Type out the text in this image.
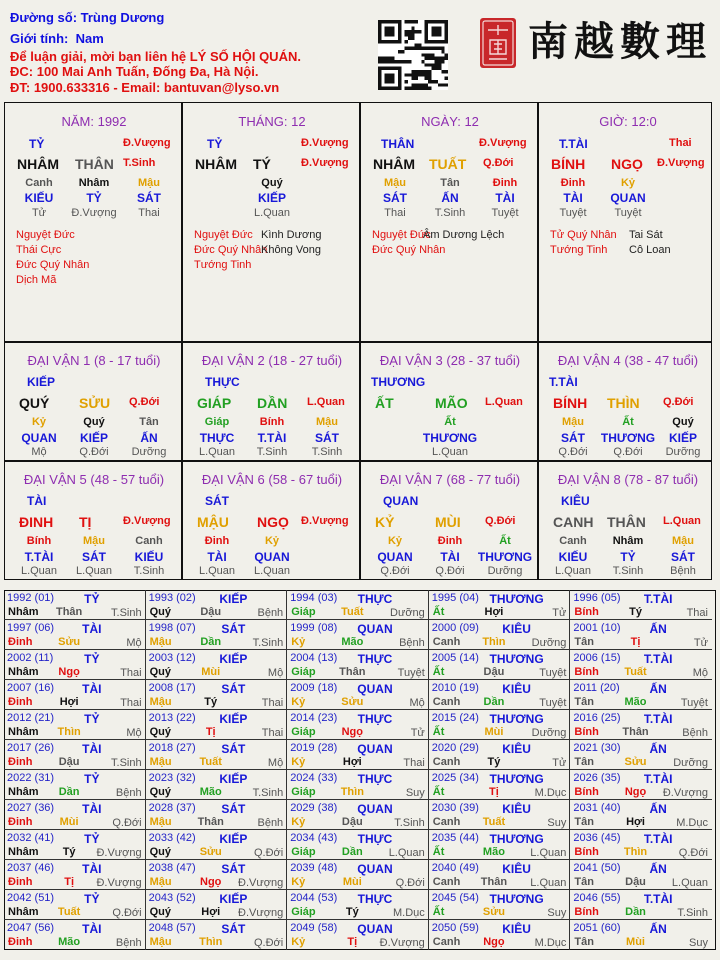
Đường số: Trùng Dương
Giới tính: Nam
Để luận giải, mời bạn liên hệ LÝ SỐ HỘI QUÁN.
ĐC: 100 Mai Anh Tuấn, Đống Đa, Hà Nội.
ĐT: 1900.633316 - Email: bantuvan@lyso.vn
南越數理
NĂM: 1992
TỶ	Đ.Vượng
NHÂM THÂN T.Sinh
Canh Nhâm	Mậu
KIẾU	TỶ	SÁT
Tử Đ.Vượng Thai
Nguyệt Đức
Thái Cực
Đức Quý Nhân
Dịch Mã
THÁNG: 12
TỶ	Đ.Vượng
NHÂM TÝ	Đ.Vượng
Quý
KIẾP
L.Quan
Nguyệt Đức
Đức Quý Nhân
Tướng Tinh
Kình Dương
Không Vong
NGÀY: 12
THÂN	Đ.Vượng
NHÂM TUẤT Q.Đới
Mậu	Tân	Đinh
SÁT	ẤN	TÀI
Thai	T.Sinh Tuyệt
Nguyệt Đức
Đức Quý Nhân
Âm Dương Lệch
GIỜ: 12:0
T.TÀI	Thai
BÍNH NGỌ Đ.Vượng
Đinh	Kỷ
TÀI QUAN
Tuyệt	Tuyệt
Tử Quý Nhân
Tướng Tinh
Tai Sát
Cô Loan
ĐẠI VẬN 1 (8 - 17 tuổi)
KIẾP
QUÝ SỬU Q.Đới
Kỷ	Quý	Tân
QUAN KIẾP	ẤN
Mộ	Q.Đới Dưỡng
ĐẠI VẬN 2 (18 - 27 tuổi)
THỰC
GIÁP DẦN L.Quan
Giáp	Bính	Mậu
THỰC T.TÀI SÁT
L.Quan T.Sinh T.Sinh
ĐẠI VẬN 3 (28 - 37 tuổi)
THƯƠNG
ẤT	MÃO L.Quan
Ất
THƯƠNG
L.Quan
ĐẠI VẬN 4 (38 - 47 tuổi)
T.TÀI
BÍNH THÌN Q.Đới
Mậu	Ất	Quý
SÁT THƯƠNG KIẾP
Q.Đới Q.Đới Dưỡng
ĐẠI VẬN 5 (48 - 57 tuổi)
TÀI
ĐINH TỊ	Đ.Vượng
Bính	Mậu	Canh
T.TÀI SÁT KIẾU
L.Quan L.Quan T.Sinh
ĐẠI VẬN 6 (58 - 67 tuổi)
SÁT
MẬU NGỌ Đ.Vượng
Đinh	Kỷ
TÀI QUAN
L.Quan L.Quan
ĐẠI VẬN 7 (68 - 77 tuổi)
QUAN
KỶ	MÙI Q.Đới
Kỷ	Đinh	Ất
QUAN TÀI THƯƠNG
Q.Đới Q.Đới Dưỡng
ĐẠI VẬN 8 (78 - 87 tuổi)
KIÊU
CANH THÂN L.Quan
Canh Nhâm	Mậu
KIẾU	TỶ	SÁT
L.Quan T.Sinh Bệnh
1992 (01)	TỶ
Nhâm Thân	T.Sinh
1993 (02) KIẾP
Quý	Dậu	Bệnh
1994 (03) THỰC
Giáp Tuất Dưỡng
1995 (04) THƯƠNG
Ất	Hợi	Tử
1996 (05) T.TÀI
Bính	Tý	Thai
1997 (06) TÀI
Đinh Sửu	Mộ
1998 (07) SÁT
Mậu	Dần	T.Sinh
1999 (08) QUAN
Kỷ	Mão	Bệnh
2000 (09) KIÊU
Canh Thìn Dưỡng
2001 (10) ẤN
Tân	Tị	Tử
2002 (11)	TỶ
Nhâm Ngọ	Thai
2003 (12) KIẾP
Quý	Mùi	Mộ
2004 (13) THỰC
Giáp Thân	Tuyệt
2005 (14) THƯƠNG
Ất	Dậu	Tuyệt
2006 (15) T.TÀI
Bính Tuất	Mộ
2007 (16) TÀI
Đinh Hợi	Thai
2008 (17) SÁT
Mậu	Tý	Thai
2009 (18) QUAN
Kỷ	Sửu	Mộ
2010 (19) KIÊU
Canh Dần	Tuyệt
2011 (20) ẤN
Tân	Mão	Tuyệt
2012 (21)	TỶ
Nhâm Thìn	Mộ
2013 (22) KIẾP
Quý	Tị	Thai
2014 (23) THỰC
Giáp Ngọ	Tử
2015 (24) THƯƠNG
Ất	Mùi	Dưỡng
2016 (25) T.TÀI
Bính Thân	Bệnh
2017 (26) TÀI
Đinh Dậu	T.Sinh
2018 (27) SÁT
Mậu	Tuất	Mộ
2019 (28) QUAN
Kỷ	Hợi	Thai
2020 (29) KIÊU
Canh Tý	Tử
2021 (30) ẤN
Tân	Sửu Dưỡng
2022 (31)	TỶ
Nhâm Dần	Bệnh
2023 (32) KIẾP
Quý	Mão	T.Sinh
2024 (33) THỰC
Giáp Thìn	Suy
2025 (34) THƯƠNG
Ất	Tị	M.Dục
2026 (35) T.TÀI
Bính Ngọ Đ.Vượng
2027 (36) TÀI
Đinh Mùi	Q.Đới
2028 (37) SÁT
Mậu Thân	Bệnh
2029 (38) QUAN
Kỷ	Dậu	T.Sinh
2030 (39) KIÊU
Canh Tuất	Suy
2031 (40) ẤN
Tân	Hợi	M.Dục
2032 (41)	TỶ
Nhâm Tý Đ.Vượng
2033 (42) KIẾP
Quý	Sửu	Q.Đới
2034 (43) THỰC
Giáp Dần L.Quan
2035 (44) THƯƠNG
Ất	Mão L.Quan
2036 (45) T.TÀI
Bính Thìn	Q.Đới
2037 (46) TÀI
Đinh	Tị Đ.Vượng
2038 (47) SÁT
Mậu	Ngọ Đ.Vượng
2039 (48) QUAN
Kỷ	Mùi	Q.Đới
2040 (49) KIÊU
Canh Thân L.Quan
2041 (50) ẤN
Tân	Dậu L.Quan
2042 (51)	TỶ
Nhâm Tuất	Q.Đới
2043 (52) KIẾP
Quý	Hợi Đ.Vượng
2044 (53) THỰC
Giáp	Tý	M.Dục
2045 (54) THƯƠNG
Ất	Sửu	Suy
2046 (55) T.TÀI
Bính Dần	T.Sinh
2047 (56) TÀI
Đinh Mão	Bệnh
2048 (57) SÁT
Mậu	Thìn	Q.Đới
2049 (58) QUAN
Kỷ	Tị Đ.Vượng
2050 (59) KIÊU
Canh Ngọ	M.Dục
2051 (60) ẤN
Tân	Mùi	Suy
